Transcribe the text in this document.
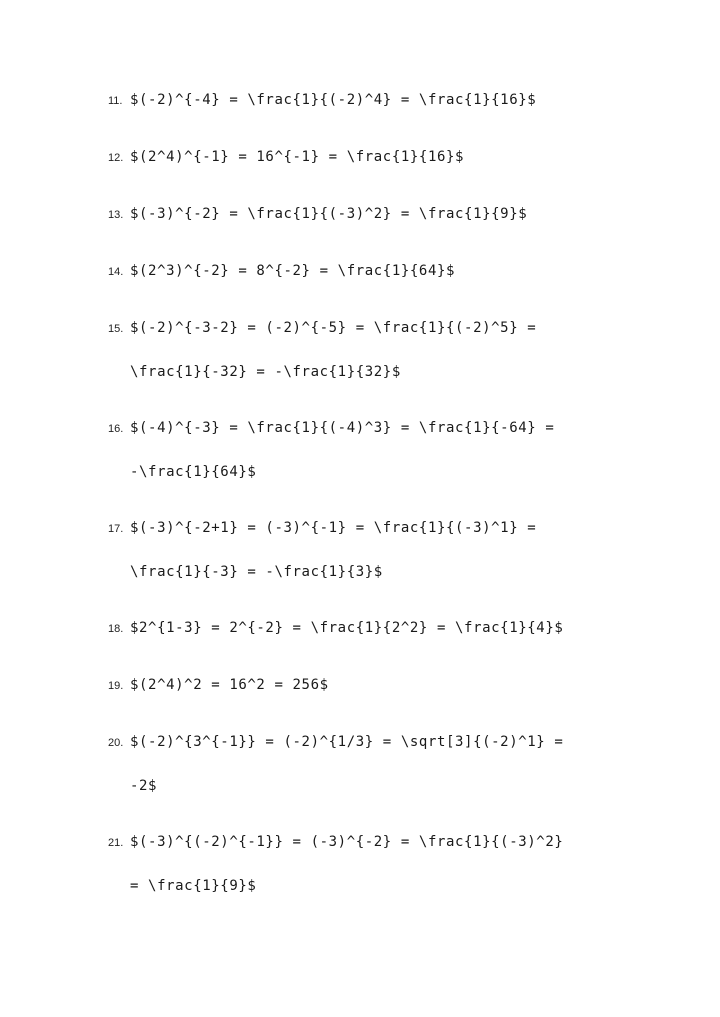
11. $(-2)^{-4} = \frac{1}{(-2)^4} = \frac{1}{16}$
12. $(2^4)^{-1} = 16^{-1} = \frac{1}{16}$
13. $(-3)^{-2} = \frac{1}{(-3)^2} = \frac{1}{9}$
14. $(2^3)^{-2} = 8^{-2} = \frac{1}{64}$
15. $(-2)^{-3-2} = (-2)^{-5} = \frac{1}{(-2)^5} =
\frac{1}{-32} = -\frac{1}{32}$
16. $(-4)^{-3} = \frac{1}{(-4)^3} = \frac{1}{-64} =
-\frac{1}{64}$
17. $(-3)^{-2+1} = (-3)^{-1} = \frac{1}{(-3)^1} =
\frac{1}{-3} = -\frac{1}{3}$
18. $2^{1-3} = 2^{-2} = \frac{1}{2^2} = \frac{1}{4}$
19. $(2^4)^2 = 16^2 = 256$
20. $(-2)^{3^{-1}} = (-2)^{1/3} = \sqrt[3]{(-2)^1} =
-2$
21. $(-3)^{(-2)^{-1}} = (-3)^{-2} = \frac{1}{(-3)^2}
= \frac{1}{9}$
